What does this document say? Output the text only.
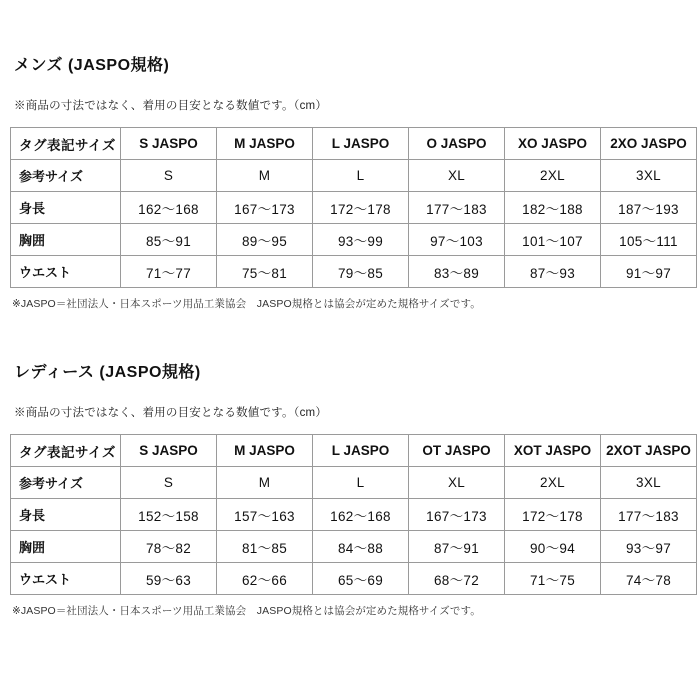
メンズ (JASPO規格)

※商品の寸法ではなく、着用の目安となる数値です。（cm）

タグ表記サイズ	S JASPO	M JASPO	L JASPO	O JASPO	XO JASPO	2XO JASPO
参考サイズ	S	M	L	XL	2XL	3XL
身長	162〜168	167〜173	172〜178	177〜183	182〜188	187〜193
胸囲	85〜91	89〜95	93〜99	97〜103	101〜107	105〜111
ウエスト	71〜77	75〜81	79〜85	83〜89	87〜93	91〜97

※JASPO＝社団法人・日本スポーツ用品工業協会　JASPO規格とは協会が定めた規格サイズです。

レディース (JASPO規格)

※商品の寸法ではなく、着用の目安となる数値です。（cm）

タグ表記サイズ	S JASPO	M JASPO	L JASPO	OT JASPO	XOT JASPO	2XOT JASPO
参考サイズ	S	M	L	XL	2XL	3XL
身長	152〜158	157〜163	162〜168	167〜173	172〜178	177〜183
胸囲	78〜82	81〜85	84〜88	87〜91	90〜94	93〜97
ウエスト	59〜63	62〜66	65〜69	68〜72	71〜75	74〜78

※JASPO＝社団法人・日本スポーツ用品工業協会　JASPO規格とは協会が定めた規格サイズです。
